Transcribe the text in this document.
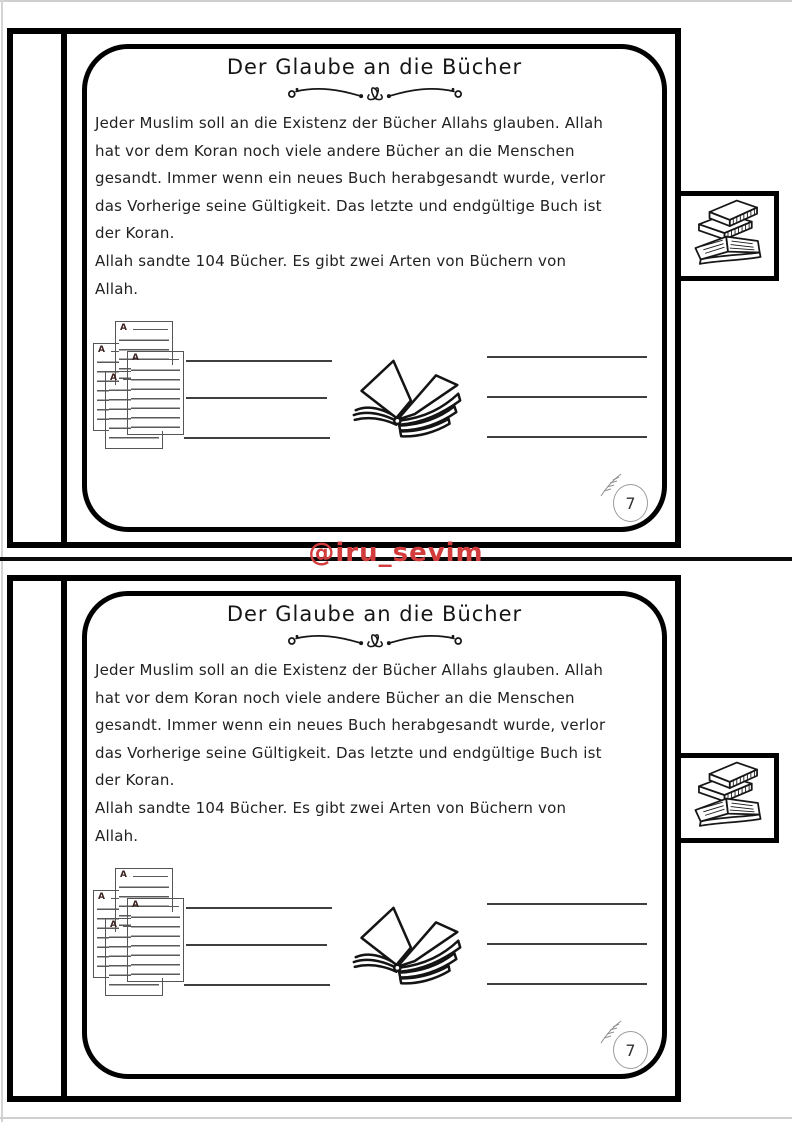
Der Glaube an die Bücher
Jeder Muslim soll an die Existenz der Bücher Allahs glauben. Allah
hat vor dem Koran noch viele andere Bücher an die Menschen
gesandt. Immer wenn ein neues Buch herabgesandt wurde, verlor
das Vorherige seine Gültigkeit. Das letzte und endgültige Buch ist
der Koran.
Allah sandte 104 Bücher. Es gibt zwei Arten von Büchern von
Allah.
A
A
A
A
7
@iru_sevim
Der Glaube an die Bücher
Jeder Muslim soll an die Existenz der Bücher Allahs glauben. Allah
hat vor dem Koran noch viele andere Bücher an die Menschen
gesandt. Immer wenn ein neues Buch herabgesandt wurde, verlor
das Vorherige seine Gültigkeit. Das letzte und endgültige Buch ist
der Koran.
Allah sandte 104 Bücher. Es gibt zwei Arten von Büchern von
Allah.
A
A
A
A
7
